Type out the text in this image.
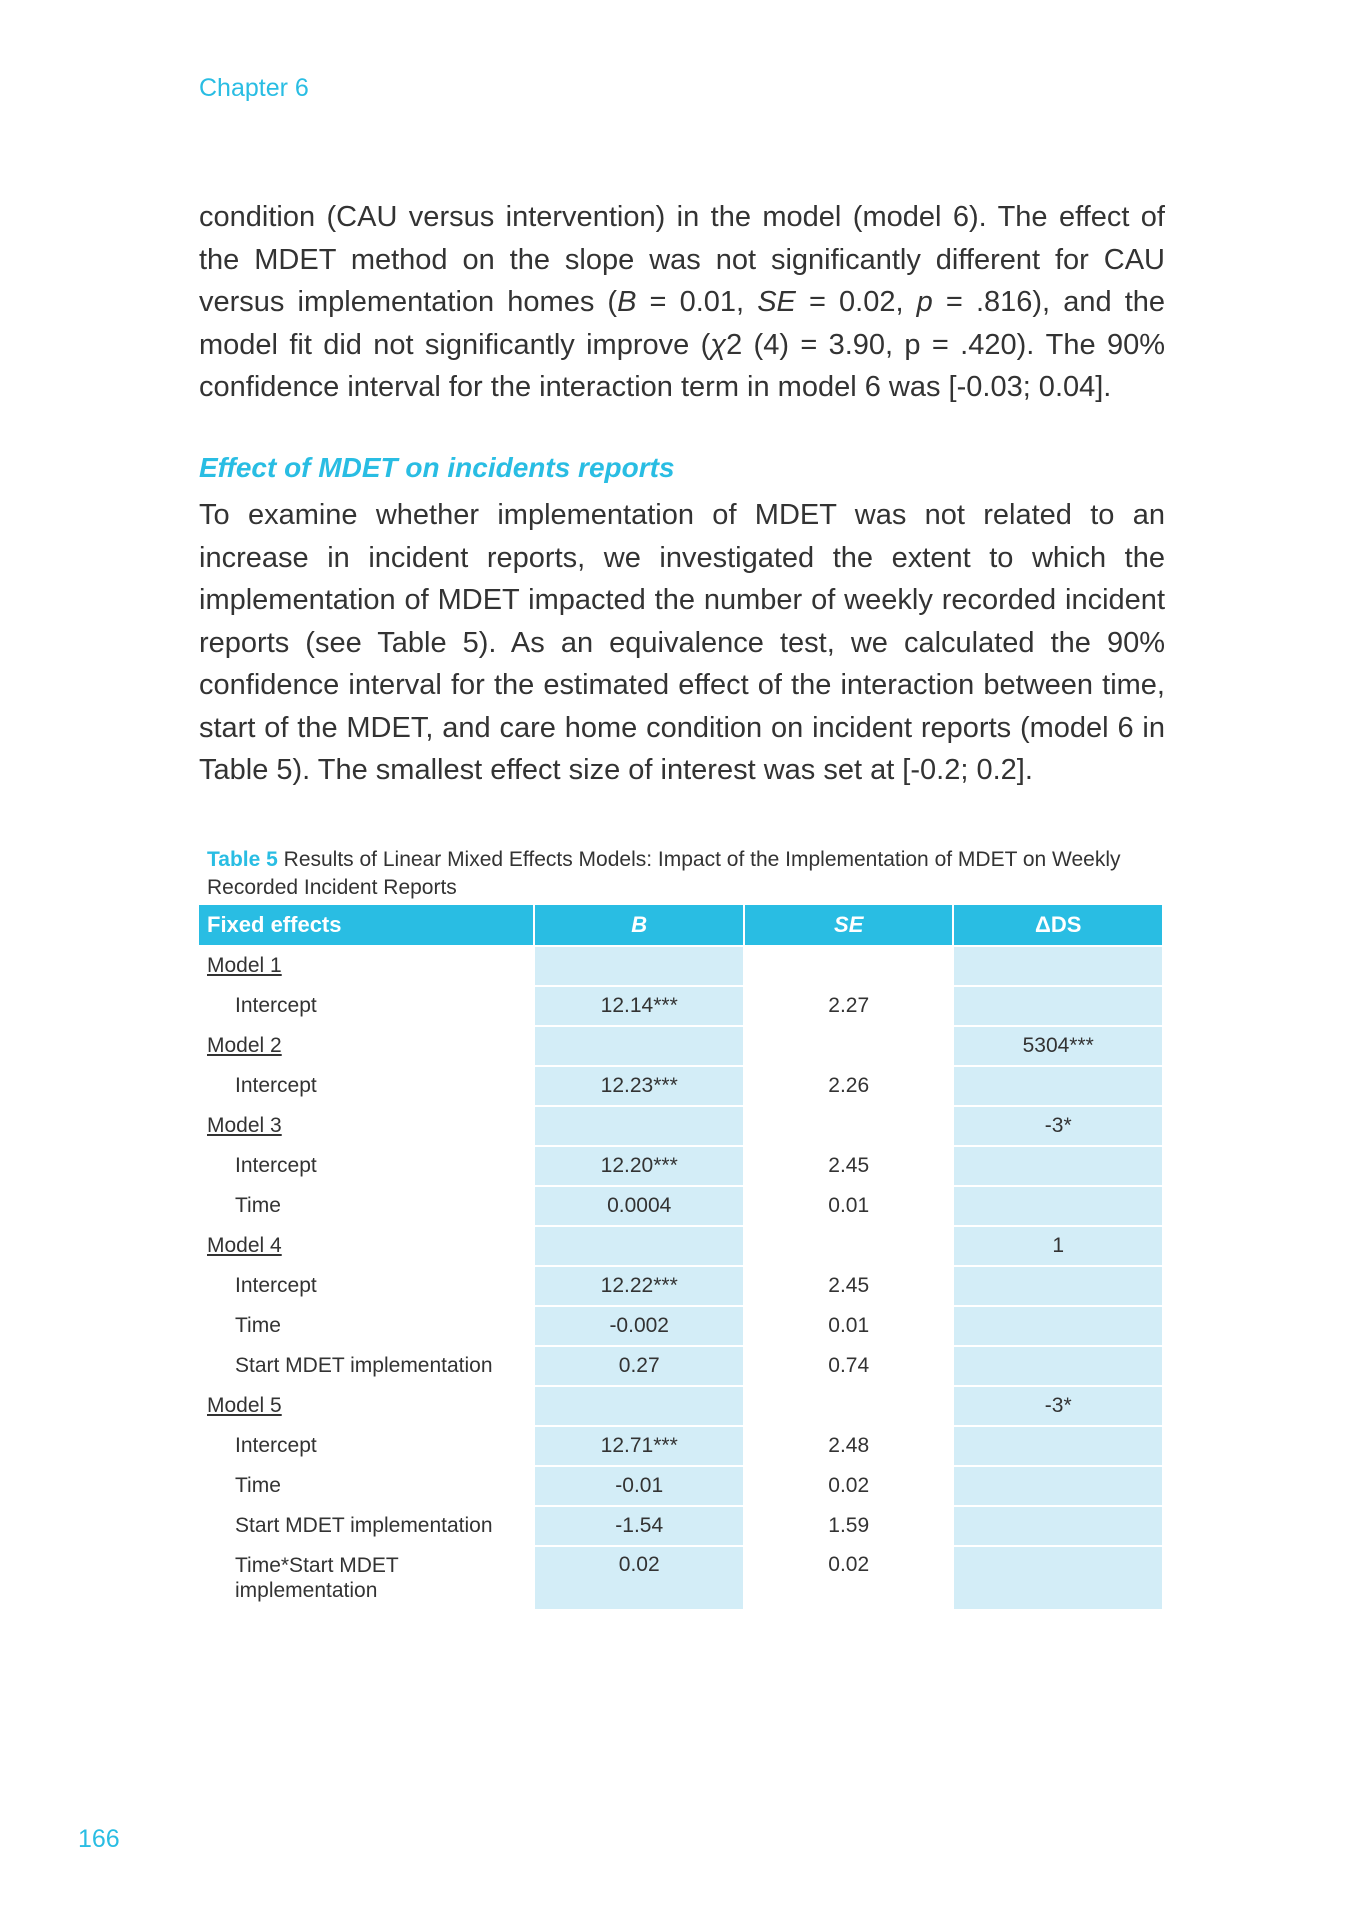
Chapter 6

condition (CAU versus intervention) in the model (model 6). The effect of the MDET method on the slope was not significantly different for CAU versus implementation homes (B = 0.01, SE = 0.02, p = .816), and the model fit did not significantly improve (χ2 (4) = 3.90, p = .420). The 90% confidence interval for the interaction term in model 6 was [-0.03; 0.04].

Effect of MDET on incidents reports

To examine whether implementation of MDET was not related to an increase in incident reports, we investigated the extent to which the implementation of MDET impacted the number of weekly recorded incident reports (see Table 5). As an equivalence test, we calculated the 90% confidence interval for the estimated effect of the interaction between time, start of the MDET, and care home condition on incident reports (model 6 in Table 5). The smallest effect size of interest was set at [-0.2; 0.2].

Table 5 Results of Linear Mixed Effects Models: Impact of the Implementation of MDET on Weekly Recorded Incident Reports
Fixed effects	B	SE	ΔDS
Model 1			
Intercept	12.14***	2.27	
Model 2			5304***
Intercept	12.23***	2.26	
Model 3			-3*
Intercept	12.20***	2.45	
Time	0.0004	0.01	
Model 4			1
Intercept	12.22***	2.45	
Time	-0.002	0.01	
Start MDET implementation	0.27	0.74	
Model 5			-3*
Intercept	12.71***	2.48	
Time	-0.01	0.02	
Start MDET implementation	-1.54	1.59	
Time*Start MDET implementation	0.02	0.02	
166
